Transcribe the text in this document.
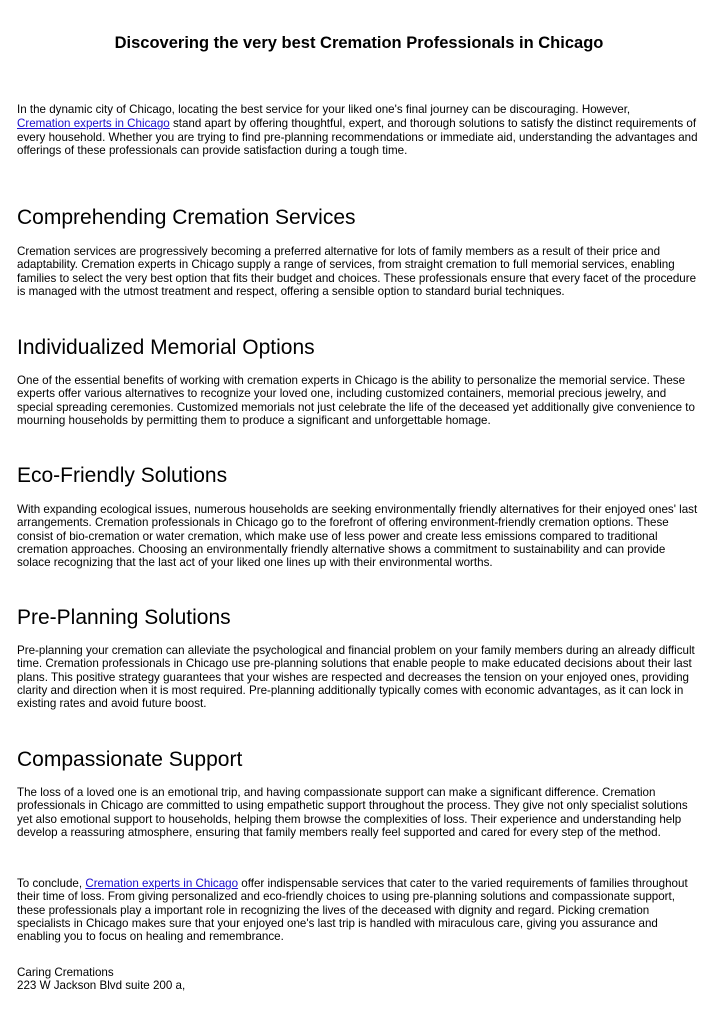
Discovering the very best Cremation Professionals in Chicago

In the dynamic city of Chicago, locating the best service for your liked one's final journey can be discouraging. However,
Cremation experts in Chicago stand apart by offering thoughtful, expert, and thorough solutions to satisfy the distinct requirements of every household. Whether you are trying to find pre-planning recommendations or immediate aid, understanding the advantages and offerings of these professionals can provide satisfaction during a tough time.

Comprehending Cremation Services

Cremation services are progressively becoming a preferred alternative for lots of family members as a result of their price and adaptability. Cremation experts in Chicago supply a range of services, from straight cremation to full memorial services, enabling families to select the very best option that fits their budget and choices. These professionals ensure that every facet of the procedure is managed with the utmost treatment and respect, offering a sensible option to standard burial techniques.

Individualized Memorial Options

One of the essential benefits of working with cremation experts in Chicago is the ability to personalize the memorial service. These experts offer various alternatives to recognize your loved one, including customized containers, memorial precious jewelry, and special spreading ceremonies. Customized memorials not just celebrate the life of the deceased yet additionally give convenience to mourning households by permitting them to produce a significant and unforgettable homage.

Eco-Friendly Solutions

With expanding ecological issues, numerous households are seeking environmentally friendly alternatives for their enjoyed ones' last arrangements. Cremation professionals in Chicago go to the forefront of offering environment-friendly cremation options. These consist of bio-cremation or water cremation, which make use of less power and create less emissions compared to traditional cremation approaches. Choosing an environmentally friendly alternative shows a commitment to sustainability and can provide solace recognizing that the last act of your liked one lines up with their environmental worths.

Pre-Planning Solutions

Pre-planning your cremation can alleviate the psychological and financial problem on your family members during an already difficult time. Cremation professionals in Chicago use pre-planning solutions that enable people to make educated decisions about their last plans. This positive strategy guarantees that your wishes are respected and decreases the tension on your enjoyed ones, providing clarity and direction when it is most required. Pre-planning additionally typically comes with economic advantages, as it can lock in existing rates and avoid future boost.

Compassionate Support

The loss of a loved one is an emotional trip, and having compassionate support can make a significant difference. Cremation professionals in Chicago are committed to using empathetic support throughout the process. They give not only specialist solutions yet also emotional support to households, helping them browse the complexities of loss. Their experience and understanding help develop a reassuring atmosphere, ensuring that family members really feel supported and cared for every step of the method.

To conclude, Cremation experts in Chicago offer indispensable services that cater to the varied requirements of families throughout their time of loss. From giving personalized and eco-friendly choices to using pre-planning solutions and compassionate support, these professionals play a important role in recognizing the lives of the deceased with dignity and regard. Picking cremation specialists in Chicago makes sure that your enjoyed one's last trip is handled with miraculous care, giving you assurance and enabling you to focus on healing and remembrance.

Caring Cremations
223 W Jackson Blvd suite 200 a,
